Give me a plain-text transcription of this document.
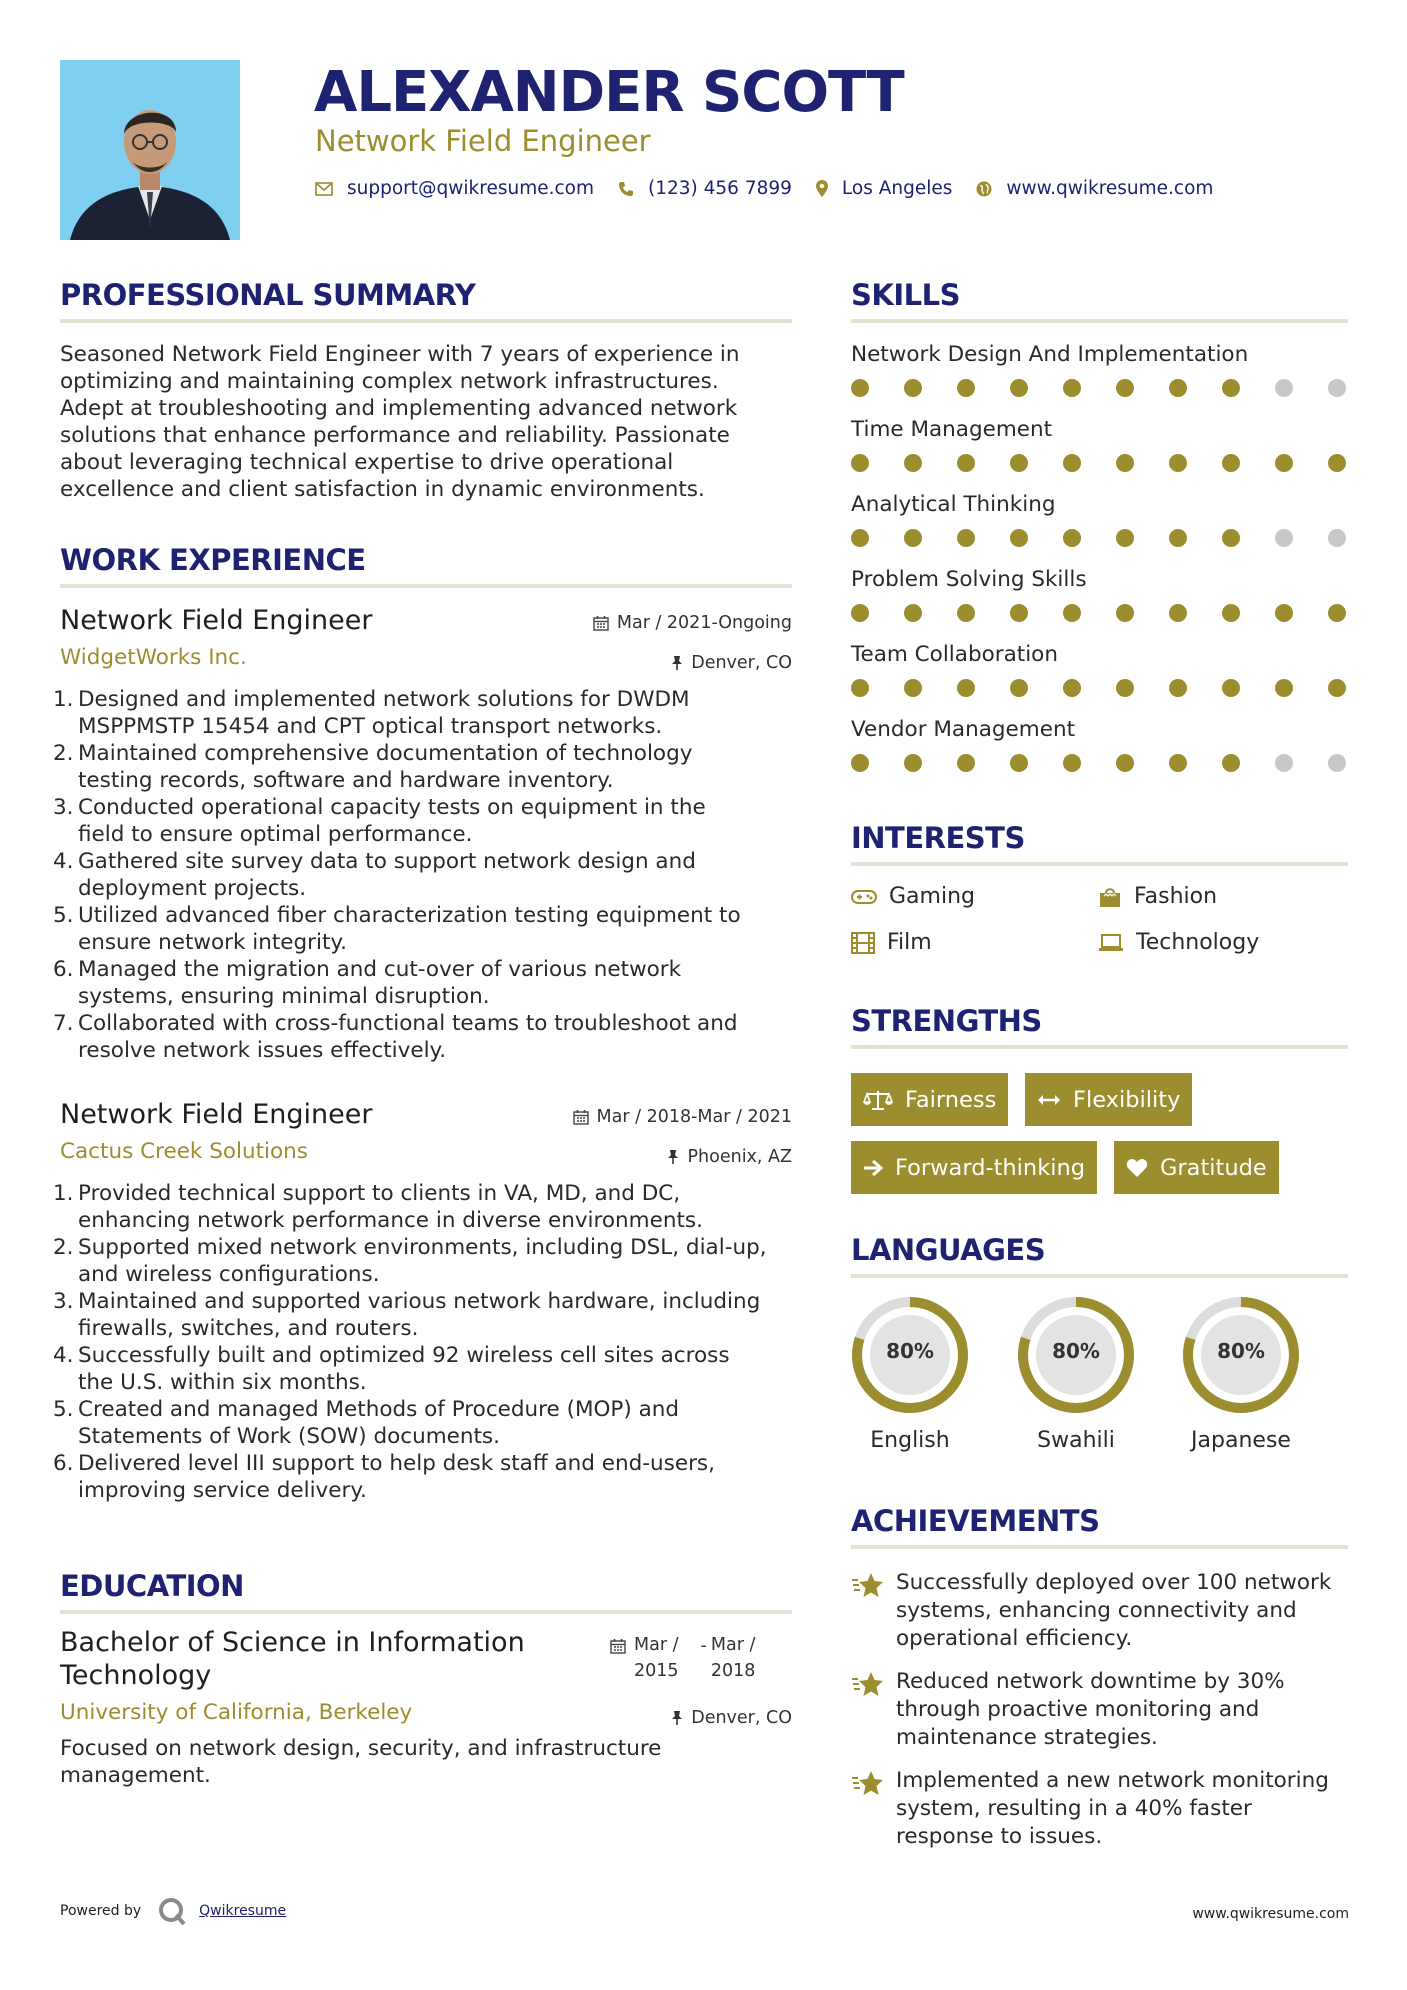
ALEXANDER SCOTT
Network Field Engineer
support@qwikresume.com	(123) 456 7899	Los Angeles	www.qwikresume.com
PROFESSIONAL SUMMARY
Seasoned Network Field Engineer with 7 years of experience in
optimizing and maintaining complex network infrastructures.
Adept at troubleshooting and implementing advanced network
solutions that enhance performance and reliability. Passionate
about leveraging technical expertise to drive operational
excellence and client satisfaction in dynamic environments.
WORK EXPERIENCE
Network Field Engineer	Mar / 2021-Ongoing
WidgetWorks Inc.	Denver, CO
1. Designed and implemented network solutions for DWDM
MSPPMSTP 15454 and CPT optical transport networks.
2. Maintained comprehensive documentation of technology
testing records, software and hardware inventory.
3. Conducted operational capacity tests on equipment in the
field to ensure optimal performance.
4. Gathered site survey data to support network design and
deployment projects.
5. Utilized advanced fiber characterization testing equipment to
ensure network integrity.
6. Managed the migration and cut-over of various network
systems, ensuring minimal disruption.
7. Collaborated with cross-functional teams to troubleshoot and
resolve network issues effectively.
Network Field Engineer	Mar / 2018-Mar / 2021
Cactus Creek Solutions	Phoenix, AZ
1. Provided technical support to clients in VA, MD, and DC,
enhancing network performance in diverse environments.
2. Supported mixed network environments, including DSL, dial-up,
and wireless configurations.
3. Maintained and supported various network hardware, including
firewalls, switches, and routers.
4. Successfully built and optimized 92 wireless cell sites across
the U.S. within six months.
5. Created and managed Methods of Procedure (MOP) and
Statements of Work (SOW) documents.
6. Delivered level III support to help desk staff and end-users,
improving service delivery.
EDUCATION
Bachelor of Science in Information
Technology
Mar /
2015
- Mar /
2018
University of California, Berkeley	Denver, CO
Focused on network design, security, and infrastructure
management.
SKILLS
Network Design And Implementation
Time Management
Analytical Thinking
Problem Solving Skills
Team Collaboration
Vendor Management
INTERESTS
Gaming	Fashion
Film	Technology
STRENGTHS
Fairness	Flexibility
Forward-thinking	Gratitude
LANGUAGES
80%
English
80%
Swahili
80%
Japanese
ACHIEVEMENTS

Successfully deployed over 100 network
systems, enhancing connectivity and
operational efficiency.

Reduced network downtime by 30%
through proactive monitoring and
maintenance strategies.

Implemented a new network monitoring
system, resulting in a 40% faster
response to issues.

Powered by	Qwikresume	www.qwikresume.com
